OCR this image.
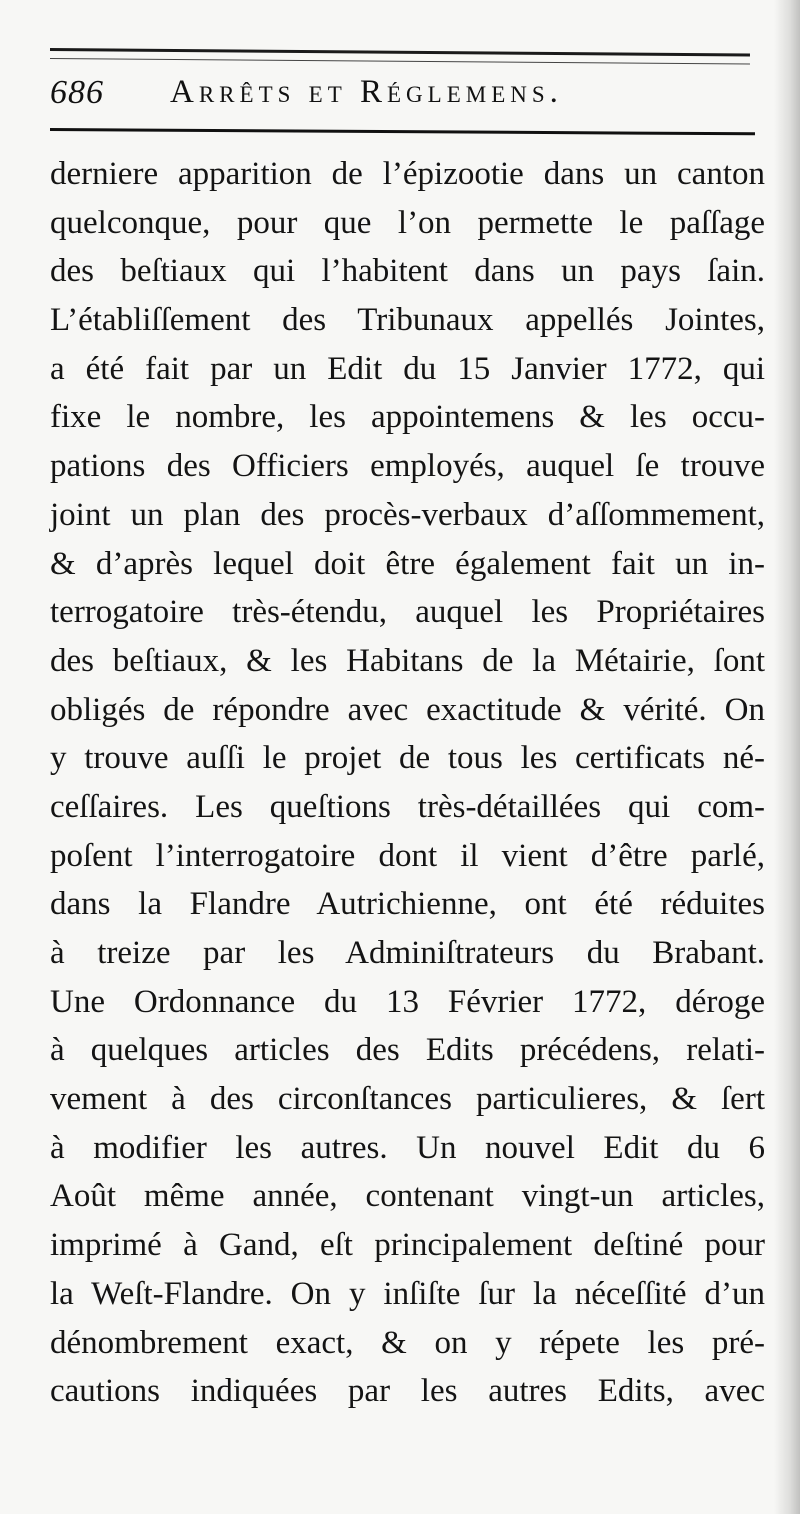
686 Arrêts et Réglemens.
derniere apparition de l’épizootie dans un canton
quelconque, pour que l’on permette le paſſage
des beſtiaux qui l’habitent dans un pays ſain.
L’établiſſement des Tribunaux appellés Jointes,
a été fait par un Edit du 15 Janvier 1772, qui
fixe le nombre, les appointemens & les occu-
pations des Officiers employés, auquel ſe trouve
joint un plan des procès-verbaux d’aſſommement,
& d’après lequel doit être également fait un in-
terrogatoire très-étendu, auquel les Propriétaires
des beſtiaux, & les Habitans de la Métairie, ſont
obligés de répondre avec exactitude & vérité. On
y trouve auſſi le projet de tous les certificats né-
ceſſaires. Les queſtions très-détaillées qui com-
poſent l’interrogatoire dont il vient d’être parlé,
dans la Flandre Autrichienne, ont été réduites
à treize par les Adminiſtrateurs du Brabant.
Une Ordonnance du 13 Février 1772, déroge
à quelques articles des Edits précédens, relati-
vement à des circonſtances particulieres, & ſert
à modifier les autres. Un nouvel Edit du 6
Août même année, contenant vingt-un articles,
imprimé à Gand, eſt principalement deſtiné pour
la Weſt-Flandre. On y inſiſte ſur la néceſſité d’un
dénombrement exact, & on y répete les pré-
cautions indiquées par les autres Edits, avec
